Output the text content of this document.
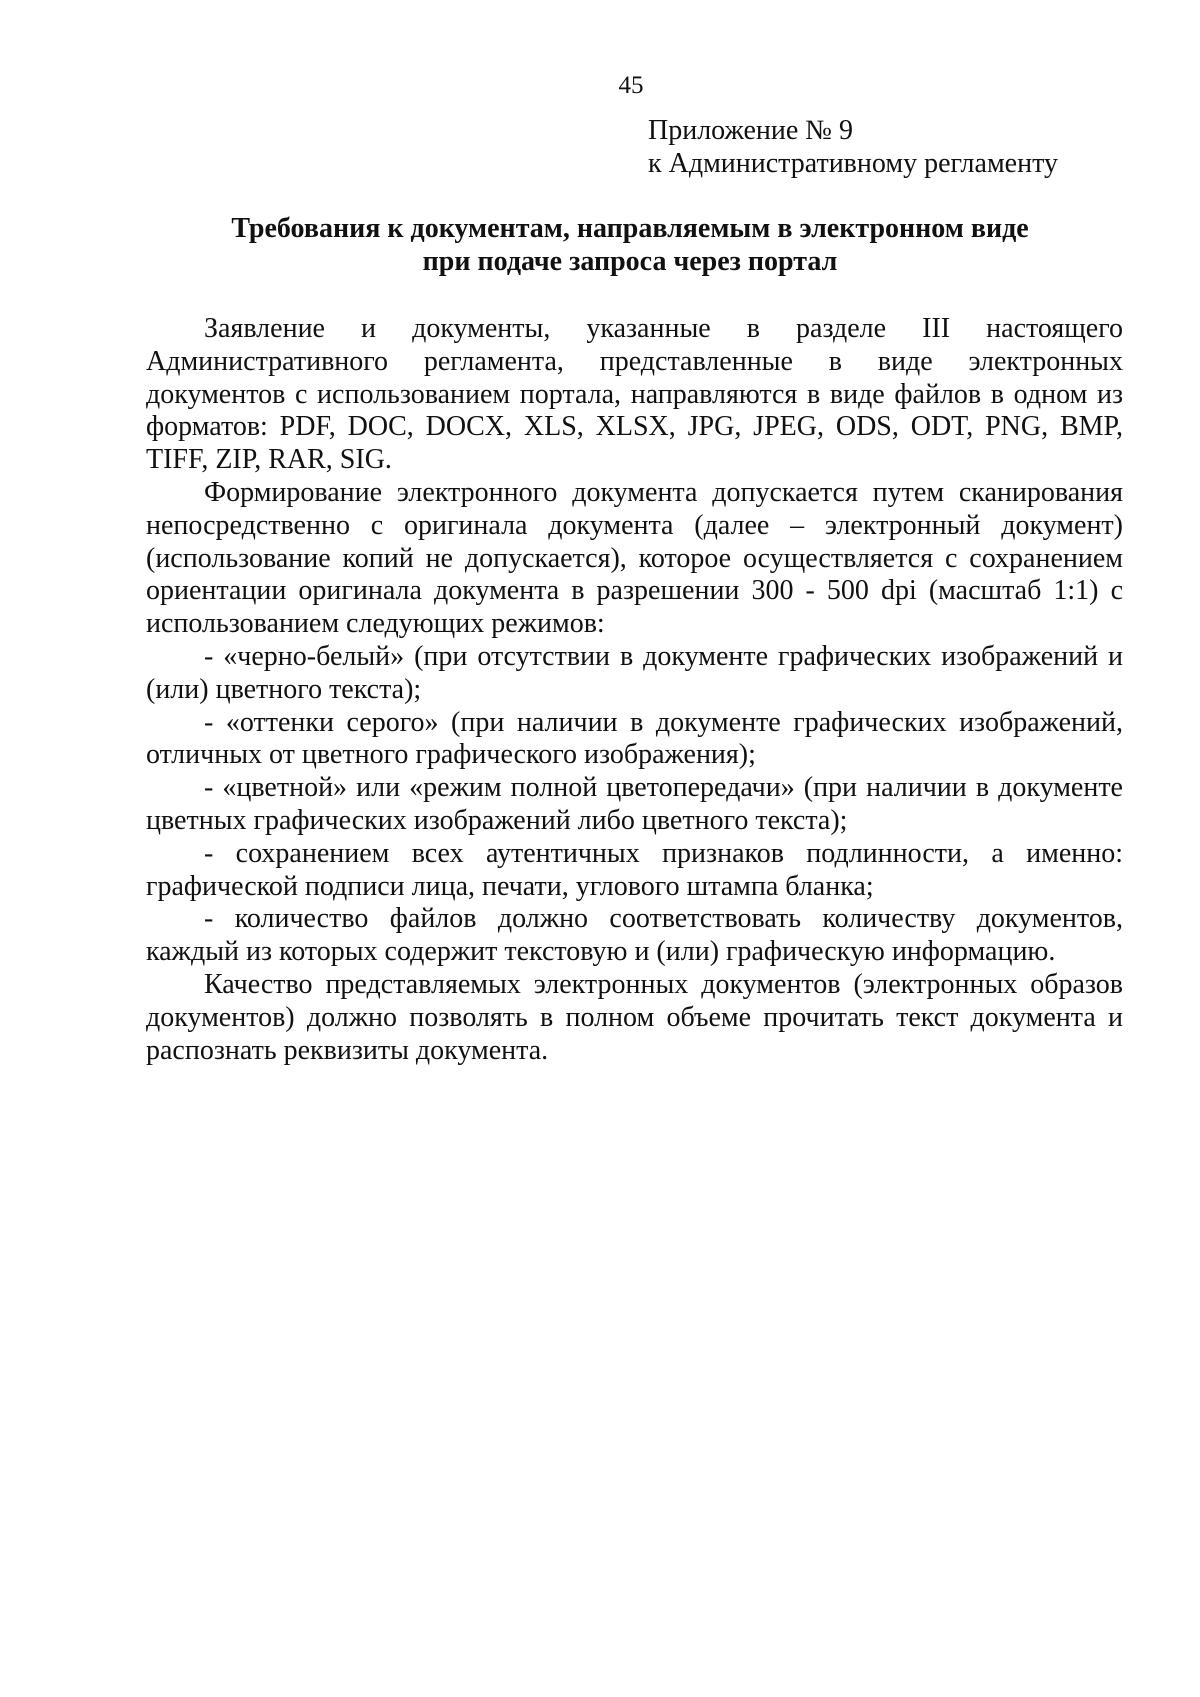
45
Приложение № 9
к Административному регламенту
Требования к документам, направляемым в электронном виде
при подаче запроса через портал

Заявление и документы, указанные в разделе III настоящего Административного регламента, представленные в виде электронных документов с использованием портала, направляются в виде файлов в одном из форматов: PDF, DOC, DOCX, XLS, XLSX, JPG, JPEG, ODS, ODT, PNG, BMP, TIFF, ZIP, RAR, SIG.

Формирование электронного документа допускается путем сканирования непосредственно с оригинала документа (далее – электронный документ) (использование копий не допускается), которое осуществляется с сохранением ориентации оригинала документа в разрешении 300 - 500 dpi (масштаб 1:1) с использованием следующих режимов:

- «черно-белый» (при отсутствии в документе графических изображений и (или) цветного текста);

- «оттенки серого» (при наличии в документе графических изображений, отличных от цветного графического изображения);

- «цветной» или «режим полной цветопередачи» (при наличии в документе цветных графических изображений либо цветного текста);

- сохранением всех аутентичных признаков подлинности, а именно: графической подписи лица, печати, углового штампа бланка;

- количество файлов должно соответствовать количеству документов, каждый из которых содержит текстовую и (или) графическую информацию.

Качество представляемых электронных документов (электронных образов документов) должно позволять в полном объеме прочитать текст документа и распознать реквизиты документа.
